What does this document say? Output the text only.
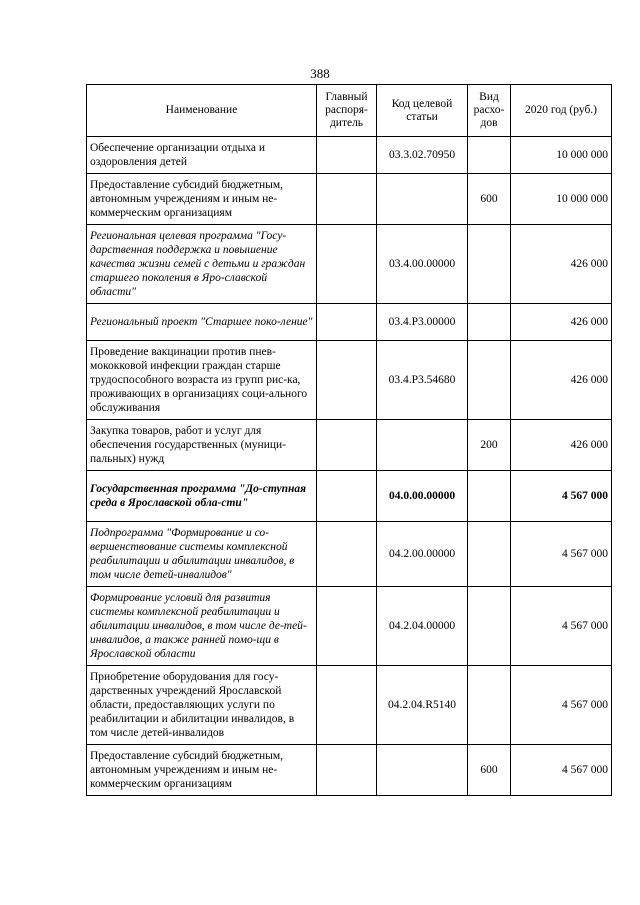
388
Наименование	Главный распоря-дитель	Код целевой статьи	Вид расхо-дов	2020 год (руб.)
Обеспечение организации отдыха и оздоровления детей		03.3.02.70950		10 000 000
Предоставление субсидий бюджетным, автономным учреждениям и иным не-коммерческим организациям			600	10 000 000
Региональная целевая программа "Госу-дарственная поддержка и повышение качества жизни семей с детьми и граждан старшего поколения в Яро-славской области"		03.4.00.00000		426 000
Региональный проект "Старшее поко-ление"		03.4.P3.00000		426 000
Проведение вакцинации против пнев-мококковой инфекции граждан старше трудоспособного возраста из групп рис-ка, проживающих в организациях соци-ального обслуживания		03.4.P3.54680		426 000
Закупка товаров, работ и услуг для обеспечения государственных (муници-пальных) нужд			200	426 000
Государственная программа "До-ступная среда в Ярославской обла-сти"		04.0.00.00000		4 567 000
Подпрограмма "Формирование и со-вершенствование системы комплексной реабилитации и абилитации инвалидов, в том числе детей-инвалидов"		04.2.00.00000		4 567 000
Формирование условий для развития системы комплексной реабилитации и абилитации инвалидов, в том числе де-тей-инвалидов, а также ранней помо-щи в Ярославской области		04.2.04.00000		4 567 000
Приобретение оборудования для госу-дарственных учреждений Ярославской области, предоставляющих услуги по реабилитации и абилитации инвалидов, в том числе детей-инвалидов		04.2.04.R5140		4 567 000
Предоставление субсидий бюджетным, автономным учреждениям и иным не-коммерческим организациям			600	4 567 000
